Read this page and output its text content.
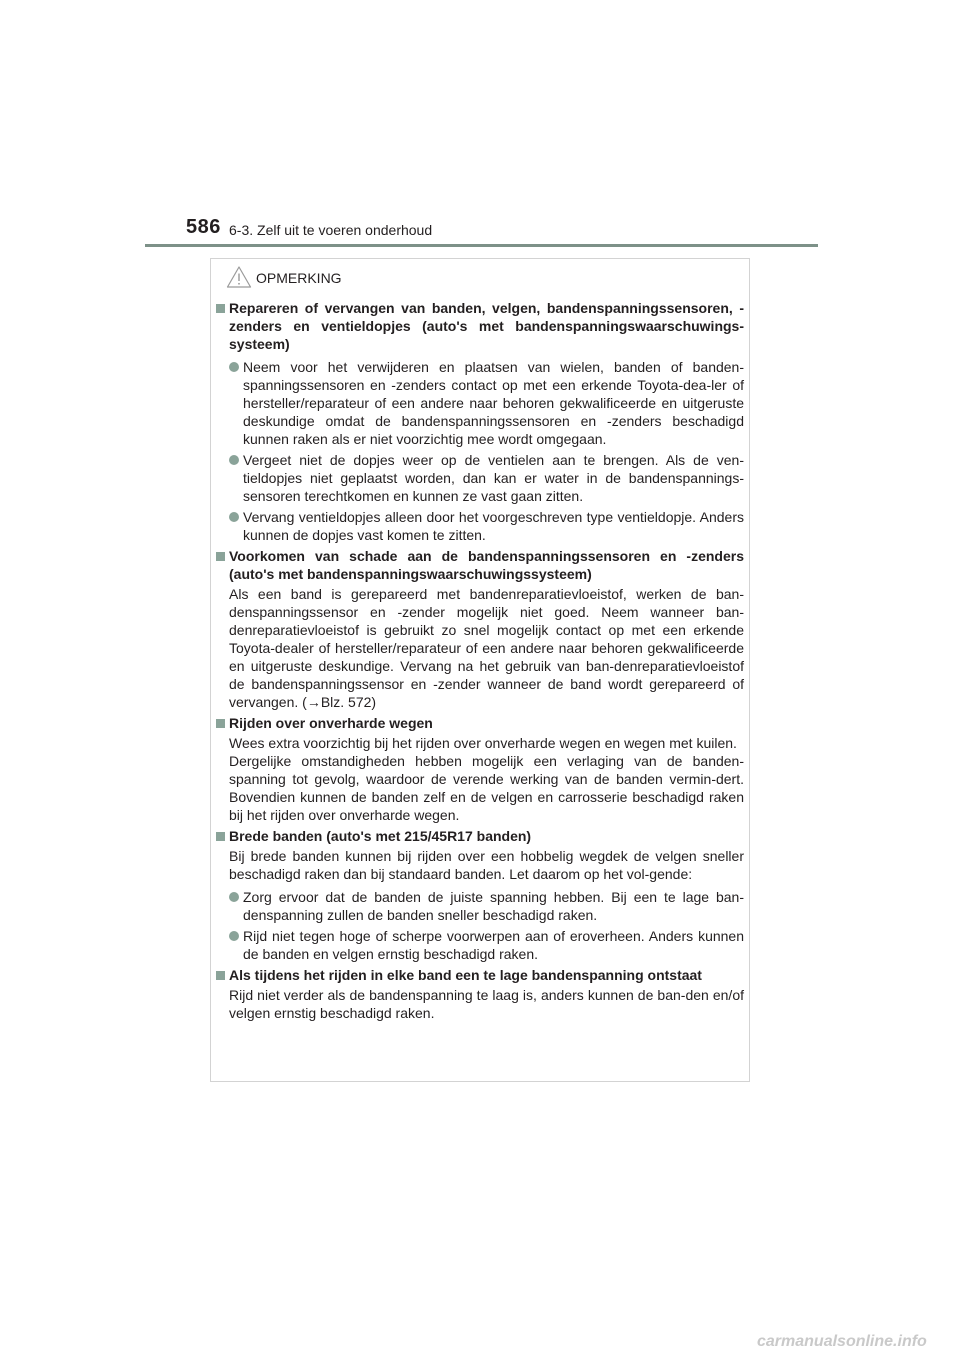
586 6-3. Zelf uit te voeren onderhoud
OPMERKING
Repareren of vervangen van banden, velgen, bandenspanningssensoren, -zenders en ventieldopjes (auto's met bandenspanningswaarschuwings-systeem)
Neem voor het verwijderen en plaatsen van wielen, banden of banden-spanningssensoren en -zenders contact op met een erkende Toyota-dea-ler of hersteller/reparateur of een andere naar behoren gekwalificeerde en uitgeruste deskundige omdat de bandenspanningssensoren en -zenders beschadigd kunnen raken als er niet voorzichtig mee wordt omgegaan.
Vergeet niet de dopjes weer op de ventielen aan te brengen. Als de ven-tieldopjes niet geplaatst worden, dan kan er water in de bandenspannings-sensoren terechtkomen en kunnen ze vast gaan zitten.
Vervang ventieldopjes alleen door het voorgeschreven type ventieldopje. Anders kunnen de dopjes vast komen te zitten.
Voorkomen van schade aan de bandenspanningssensoren en -zenders (auto's met bandenspanningswaarschuwingssysteem)
Als een band is gerepareerd met bandenreparatievloeistof, werken de ban-denspanningssensor en -zender mogelijk niet goed. Neem wanneer ban-denreparatievloeistof is gebruikt zo snel mogelijk contact op met een erkende Toyota-dealer of hersteller/reparateur of een andere naar behoren gekwalificeerde en uitgeruste deskundige. Vervang na het gebruik van ban-denreparatievloeistof de bandenspanningssensor en -zender wanneer de band wordt gerepareerd of vervangen. (→Blz. 572)
Rijden over onverharde wegen
Wees extra voorzichtig bij het rijden over onverharde wegen en wegen met kuilen.
Dergelijke omstandigheden hebben mogelijk een verlaging van de banden-spanning tot gevolg, waardoor de verende werking van de banden vermin-dert. Bovendien kunnen de banden zelf en de velgen en carrosserie beschadigd raken bij het rijden over onverharde wegen.
Brede banden (auto's met 215/45R17 banden)
Bij brede banden kunnen bij rijden over een hobbelig wegdek de velgen sneller beschadigd raken dan bij standaard banden. Let daarom op het vol-gende:
Zorg ervoor dat de banden de juiste spanning hebben. Bij een te lage ban-denspanning zullen de banden sneller beschadigd raken.
Rijd niet tegen hoge of scherpe voorwerpen aan of eroverheen. Anders kunnen de banden en velgen ernstig beschadigd raken.
Als tijdens het rijden in elke band een te lage bandenspanning ontstaat
Rijd niet verder als de bandenspanning te laag is, anders kunnen de ban-den en/of velgen ernstig beschadigd raken.
carmanualsonline.info
